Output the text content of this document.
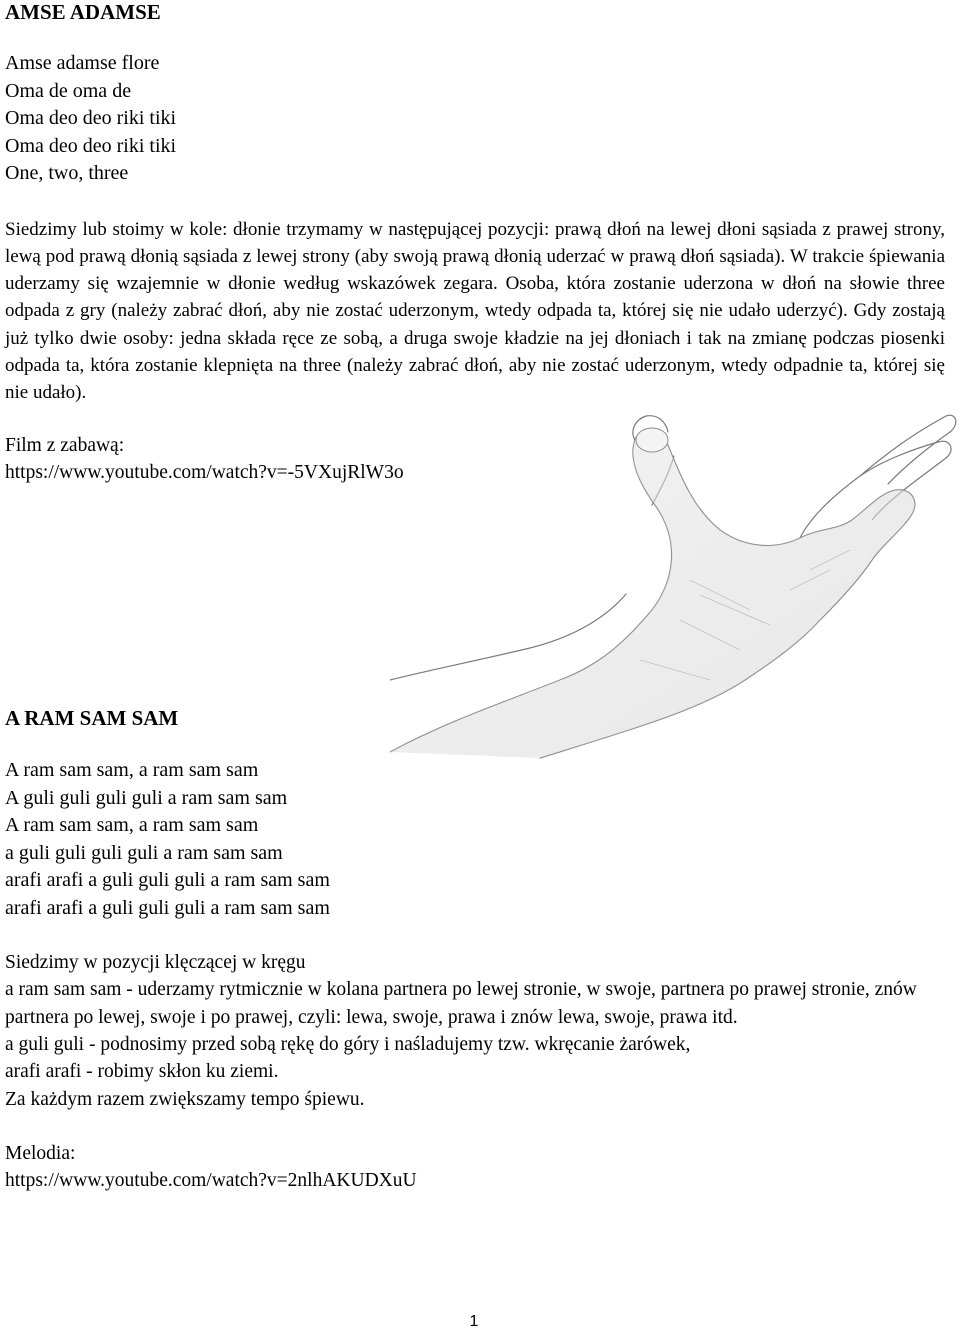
AMSE ADAMSE
Amse adamse flore
Oma de oma de
Oma deo deo riki tiki
Oma deo deo riki tiki
One, two, three
Siedzimy lub stoimy w kole: dłonie trzymamy w następującej pozycji: prawą dłoń na lewej dłoni sąsiada z prawej strony, lewą pod prawą dłonią sąsiada z lewej strony (aby swoją prawą dłonią uderzać w prawą dłoń sąsiada). W trakcie śpiewania uderzamy się wzajemnie w dłonie według wskazówek zegara. Osoba, która zostanie uderzona w dłoń na słowie three odpada z gry (należy zabrać dłoń, aby nie zostać uderzonym, wtedy odpada ta, której się nie udało uderzyć). Gdy zostają już tylko dwie osoby: jedna składa ręce ze sobą, a druga swoje kładzie na jej dłoniach i tak na zmianę podczas piosenki odpada ta, która zostanie klepnięta na three (należy zabrać dłoń, aby nie zostać uderzonym, wtedy odpadnie ta, której się nie udało).
Film z zabawą:
https://www.youtube.com/watch?v=-5VXujRlW3o
A RAM SAM SAM
A ram sam sam, a ram sam sam
A guli guli guli guli a ram sam sam
A ram sam sam, a ram sam sam
a guli guli guli guli a ram sam sam
arafi arafi a guli guli guli a ram sam sam
arafi arafi a guli guli guli a ram sam sam
Siedzimy w pozycji klęczącej w kręgu
a ram sam sam - uderzamy rytmicznie w kolana partnera po lewej stronie, w swoje, partnera po prawej stronie, znów partnera po lewej, swoje i po prawej, czyli: lewa, swoje, prawa i znów lewa, swoje, prawa itd.
a guli guli - podnosimy przed sobą rękę do góry i naśladujemy tzw. wkręcanie żarówek,
arafi arafi - robimy skłon ku ziemi.
Za każdym razem zwiększamy tempo śpiewu.
Melodia:
https://www.youtube.com/watch?v=2nlhAKUDXuU
1
